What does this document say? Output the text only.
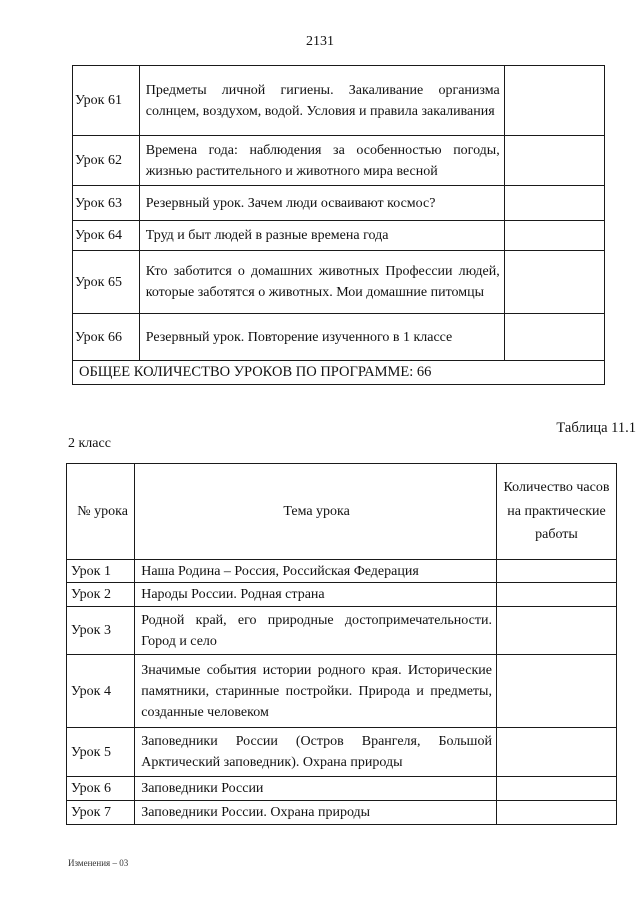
2131
Урок 61	Предметы личной гигиены. Закаливание организма солнцем, воздухом, водой. Условия и правила закаливания	
Урок 62	Времена года: наблюдения за особенностью погоды, жизнью растительного и животного мира весной	
Урок 63	Резервный урок. Зачем люди осваивают космос?	
Урок 64	Труд и быт людей в разные времена года	
Урок 65	Кто заботится о домашних животных Профессии людей, которые заботятся о животных. Мои домашние питомцы	
Урок 66	Резервный урок. Повторение изученного в 1 классе	
ОБЩЕЕ КОЛИЧЕСТВО УРОКОВ ПО ПРОГРАММЕ: 66		
Таблица 11.1
2 класс
№ урока	Тема урока	Количество часов на практические работы
Урок 1	Наша Родина – Россия, Российская Федерация	
Урок 2	Народы России. Родная страна	
Урок 3	Родной край, его природные достопримечательности. Город и село	
Урок 4	Значимые события истории родного края. Исторические памятники, старинные постройки. Природа и предметы, созданные человеком	
Урок 5	Заповедники России (Остров Врангеля, Большой Арктический заповедник). Охрана природы	
Урок 6	Заповедники России	
Урок 7	Заповедники России. Охрана природы	
Изменения – 03
